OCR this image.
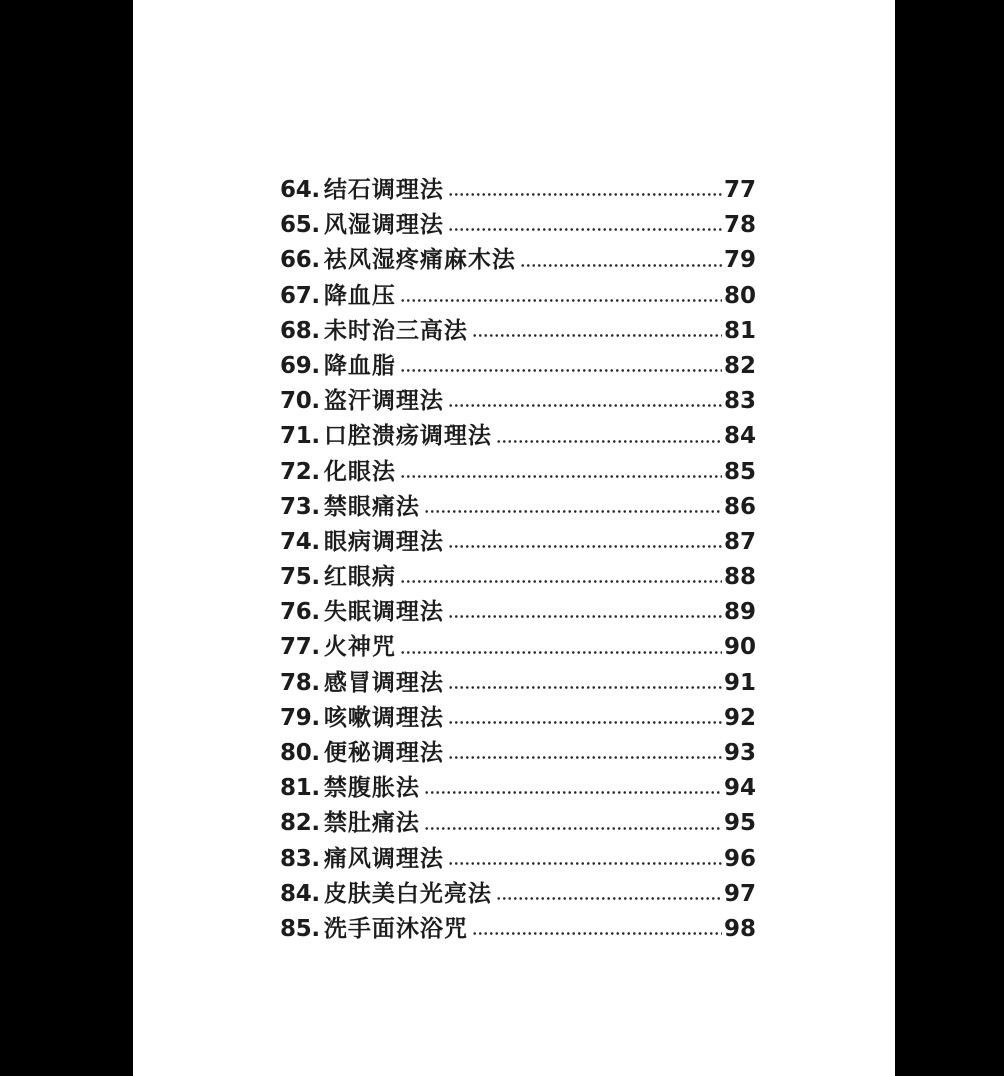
64. 结石调理法	77
65. 风湿调理法	78
66. 祛风湿疼痛麻木法	79
67. 降血压	80
68. 未时治三高法	81
69. 降血脂	82
70. 盗汗调理法	83
71. 口腔溃疡调理法	84
72. 化眼法	85
73. 禁眼痛法	86
74. 眼病调理法	87
75. 红眼病	88
76. 失眠调理法	89
77. 火神咒	90
78. 感冒调理法	91
79. 咳嗽调理法	92
80. 便秘调理法	93
81. 禁腹胀法	94
82. 禁肚痛法	95
83. 痛风调理法	96
84. 皮肤美白光亮法	97
85. 洗手面沐浴咒	98
